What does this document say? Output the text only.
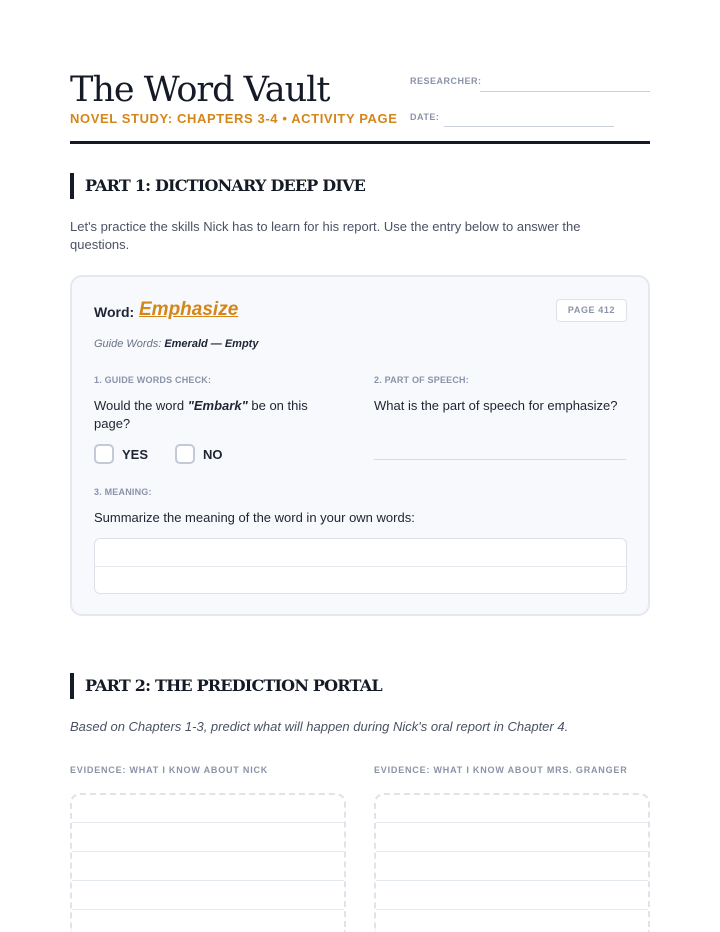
The Word Vault
NOVEL STUDY: CHAPTERS 3-4 • ACTIVITY PAGE
RESEARCHER:
DATE:
PART 1: DICTIONARY DEEP DIVE

Let's practice the skills Nick has to learn for his report. Use the entry below to answer the questions.

Word: Emphasize	PAGE 412
Guide Words: Emerald — Empty
1. GUIDE WORDS CHECK:
Would the word "Embark" be on this page?
YES	NO
2. PART OF SPEECH:
What is the part of speech for emphasize?
3. MEANING:
Summarize the meaning of the word in your own words:
PART 2: THE PREDICTION PORTAL

Based on Chapters 1-3, predict what will happen during Nick's oral report in Chapter 4.

EVIDENCE: WHAT I KNOW ABOUT NICK	EVIDENCE: WHAT I KNOW ABOUT MRS. GRANGER
